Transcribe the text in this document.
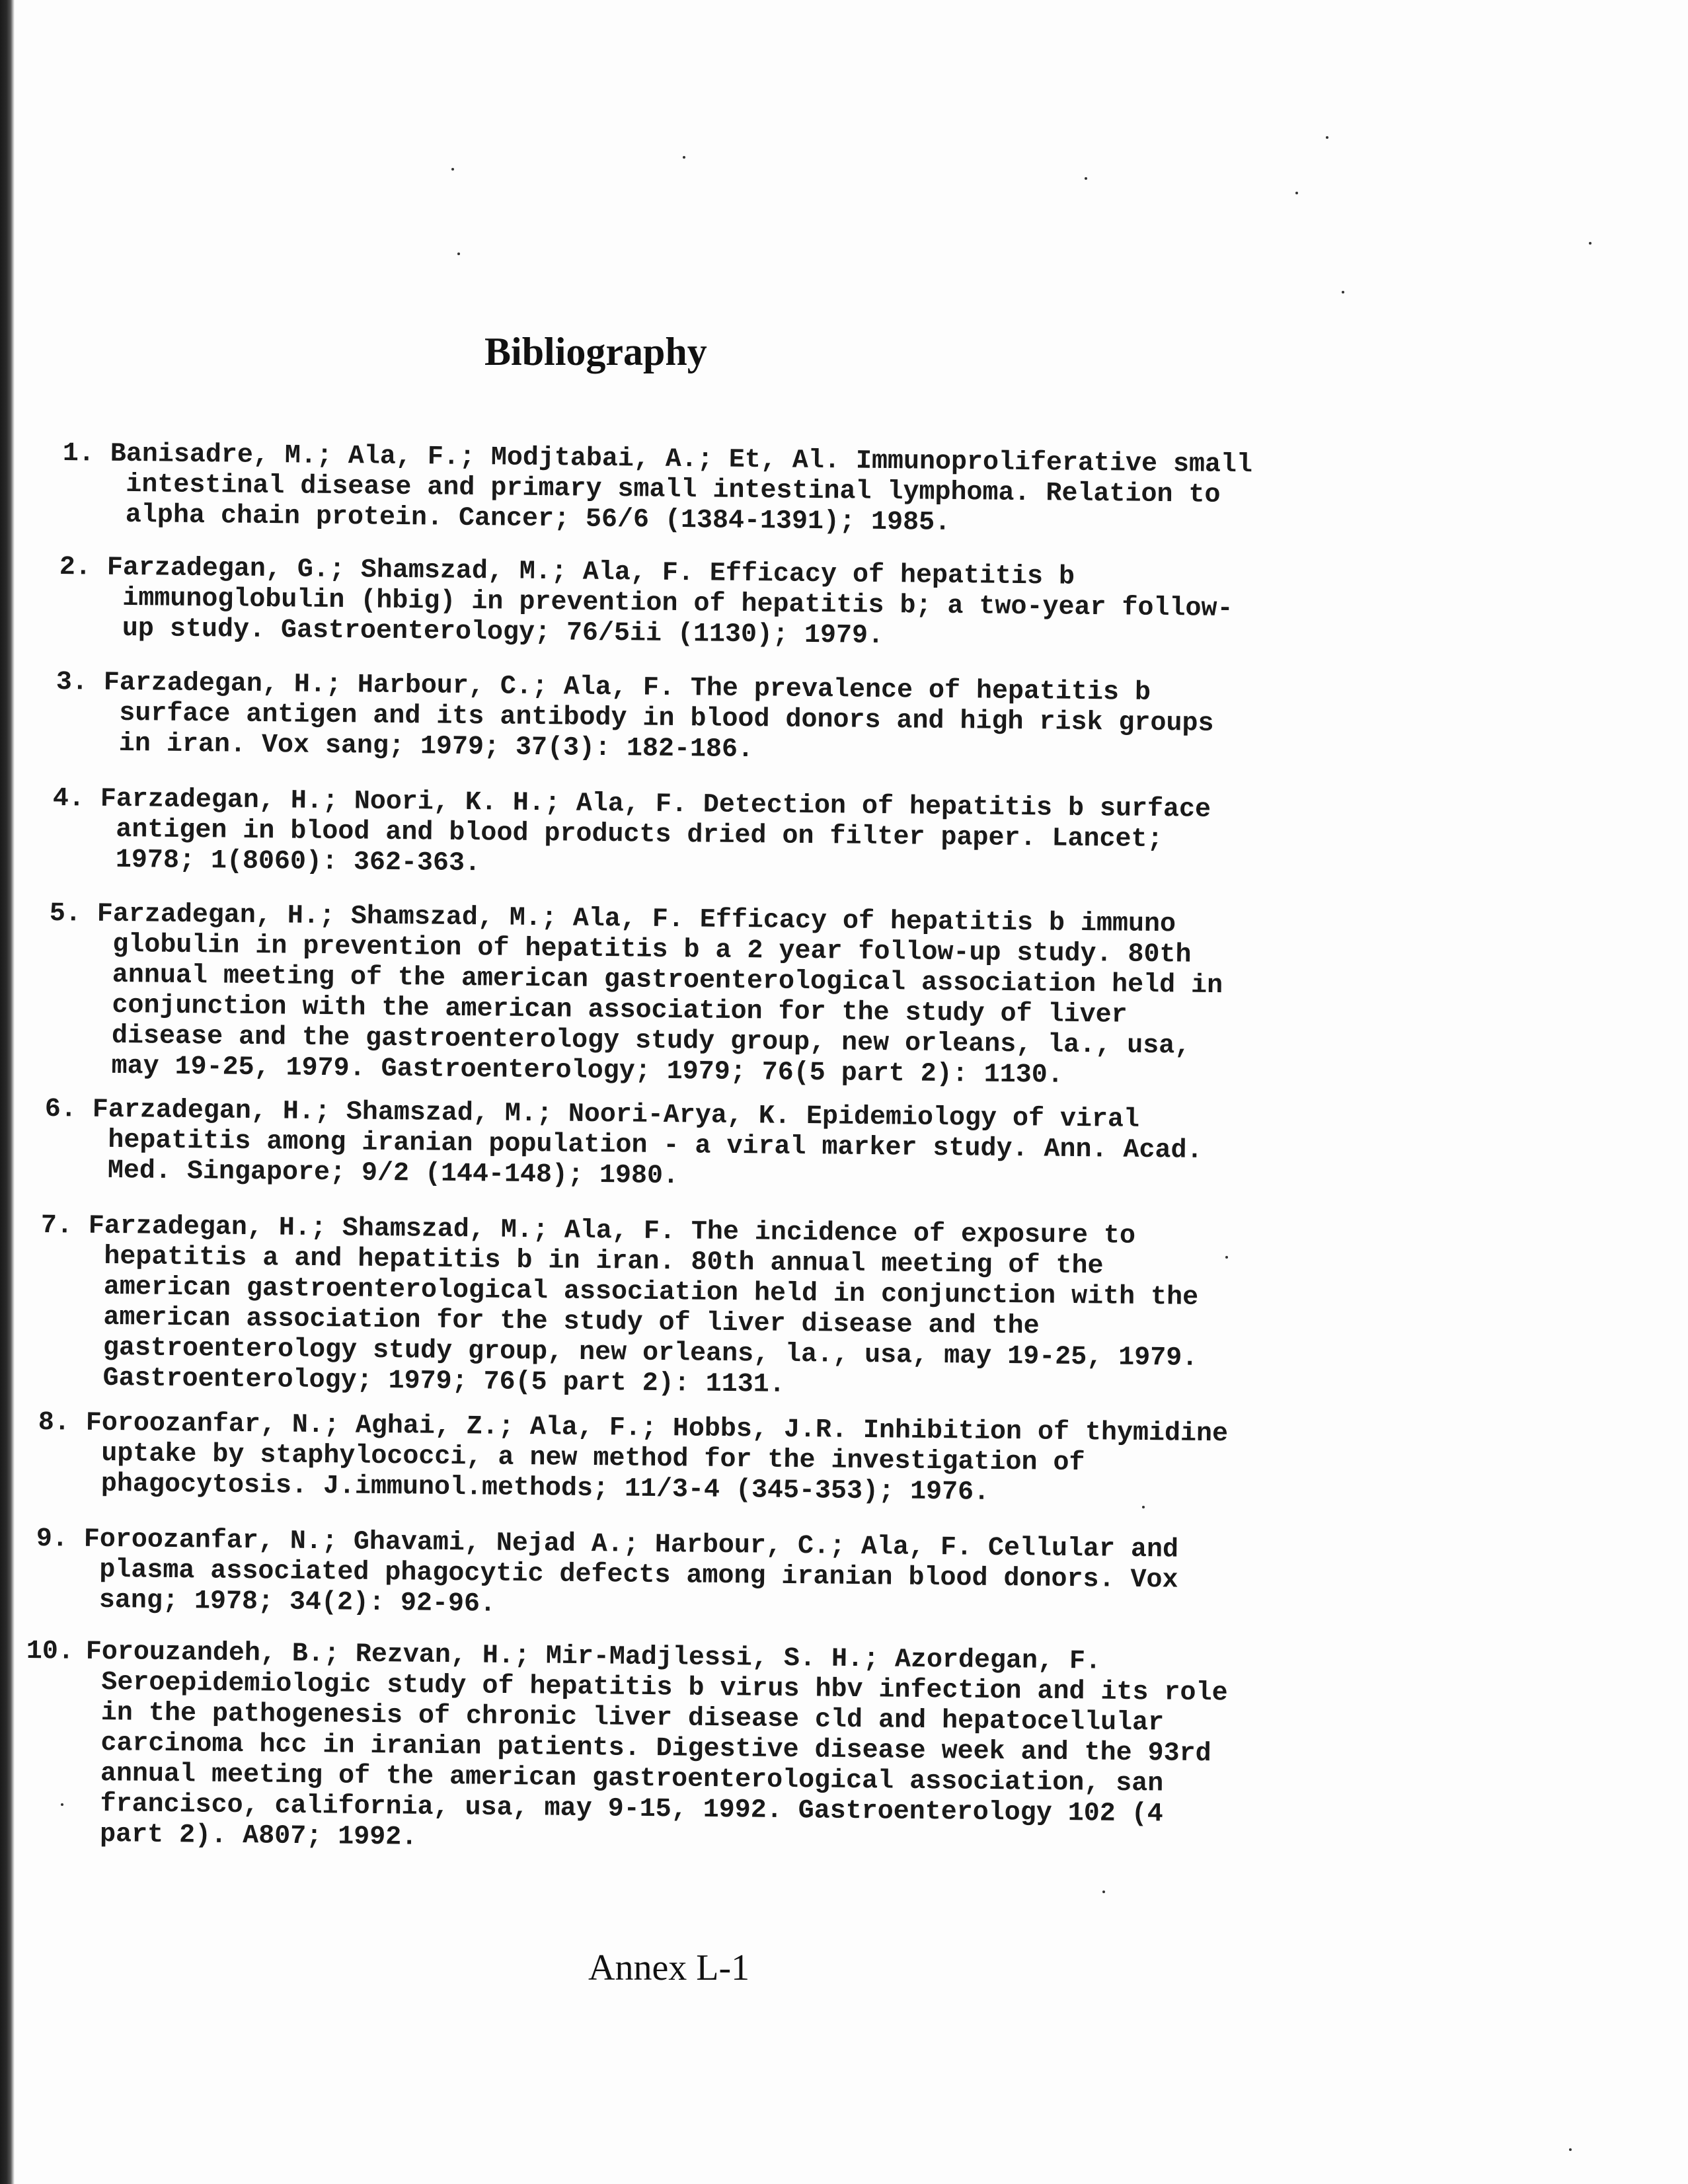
Bibliography
1. Banisadre, M.; Ala, F.; Modjtabai, A.; Et, Al. Immunoproliferative small
intestinal disease and primary small intestinal lymphoma. Relation to
alpha chain protein. Cancer; 56/6 (1384-1391); 1985.
2. Farzadegan, G.; Shamszad, M.; Ala, F. Efficacy of hepatitis b
immunoglobulin (hbig) in prevention of hepatitis b; a two-year follow-
up study. Gastroenterology; 76/5ii (1130); 1979.
3. Farzadegan, H.; Harbour, C.; Ala, F. The prevalence of hepatitis b
surface antigen and its antibody in blood donors and high risk groups
in iran. Vox sang; 1979; 37(3): 182-186.
4. Farzadegan, H.; Noori, K. H.; Ala, F. Detection of hepatitis b surface
antigen in blood and blood products dried on filter paper. Lancet;
1978; 1(8060): 362-363.
5. Farzadegan, H.; Shamszad, M.; Ala, F. Efficacy of hepatitis b immuno
globulin in prevention of hepatitis b a 2 year follow-up study. 80th
annual meeting of the american gastroenterological association held in
conjunction with the american association for the study of liver
disease and the gastroenterology study group, new orleans, la., usa,
may 19-25, 1979. Gastroenterology; 1979; 76(5 part 2): 1130.
6. Farzadegan, H.; Shamszad, M.; Noori-Arya, K. Epidemiology of viral
hepatitis among iranian population - a viral marker study. Ann. Acad.
Med. Singapore; 9/2 (144-148); 1980.
7. Farzadegan, H.; Shamszad, M.; Ala, F. The incidence of exposure to
hepatitis a and hepatitis b in iran. 80th annual meeting of the
american gastroenterological association held in conjunction with the
american association for the study of liver disease and the
gastroenterology study group, new orleans, la., usa, may 19-25, 1979.
Gastroenterology; 1979; 76(5 part 2): 1131.
8. Foroozanfar, N.; Aghai, Z.; Ala, F.; Hobbs, J.R. Inhibition of thymidine
uptake by staphylococci, a new method for the investigation of
phagocytosis. J.immunol.methods; 11/3-4 (345-353); 1976.
9. Foroozanfar, N.; Ghavami, Nejad A.; Harbour, C.; Ala, F. Cellular and
plasma associated phagocytic defects among iranian blood donors. Vox
sang; 1978; 34(2): 92-96.
10. Forouzandeh, B.; Rezvan, H.; Mir-Madjlessi, S. H.; Azordegan, F.
Seroepidemiologic study of hepatitis b virus hbv infection and its role
in the pathogenesis of chronic liver disease cld and hepatocellular
carcinoma hcc in iranian patients. Digestive disease week and the 93rd
annual meeting of the american gastroenterological association, san
francisco, california, usa, may 9-15, 1992. Gastroenterology 102 (4
part 2). A807; 1992.
Annex L-1
